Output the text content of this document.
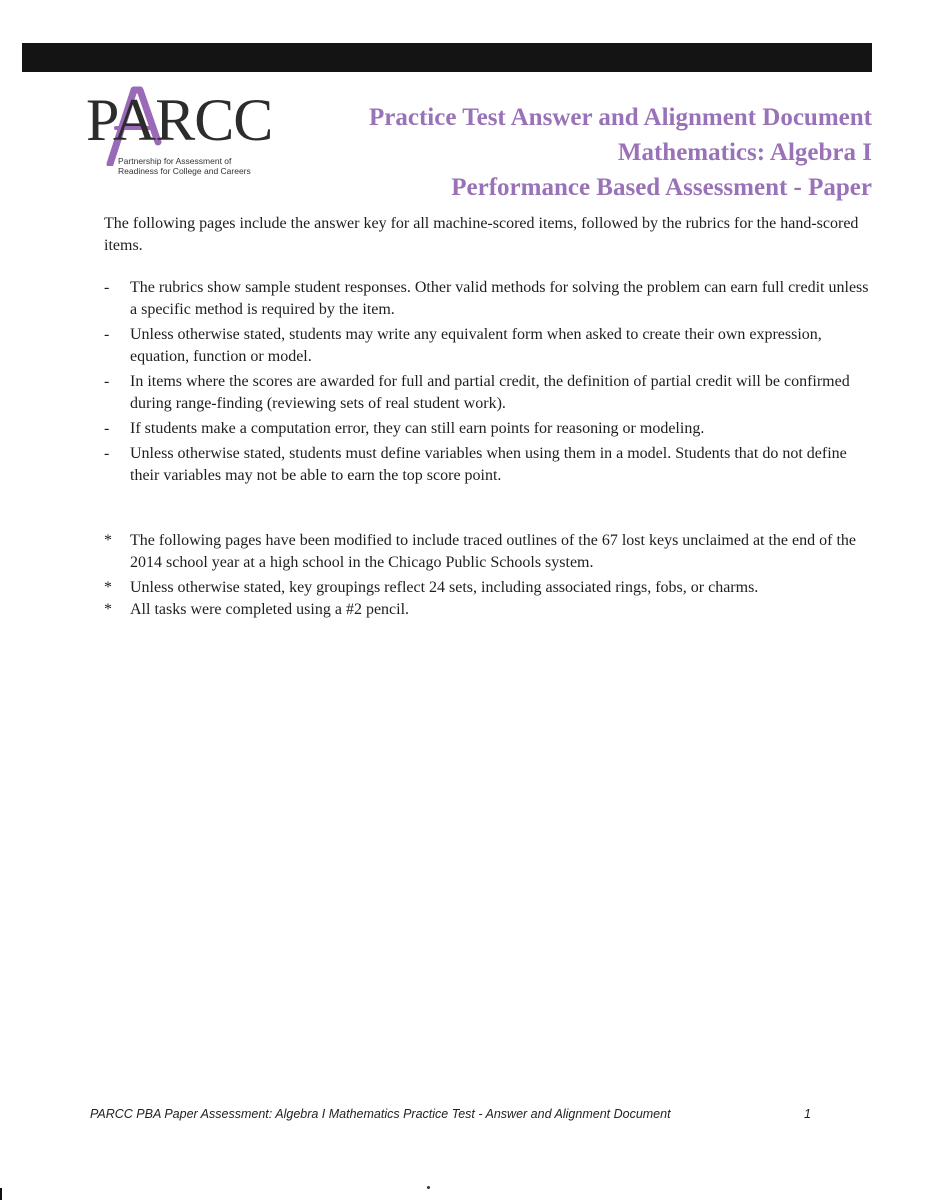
PARCC
Partnership for Assessment of
Readiness for College and Careers
Practice Test Answer and Alignment Document
Mathematics: Algebra I
Performance Based Assessment - Paper
The following pages include the answer key for all machine-scored items, followed by the rubrics for the hand-scored items.
-	The rubrics show sample student responses. Other valid methods for solving the problem can earn full credit unless a specific method is required by the item.
-	Unless otherwise stated, students may write any equivalent form when asked to create their own expression, equation, function or model.
-	In items where the scores are awarded for full and partial credit, the definition of partial credit will be confirmed during range-finding (reviewing sets of real student work).
-	If students make a computation error, they can still earn points for reasoning or modeling.
-	Unless otherwise stated, students must define variables when using them in a model. Students that do not define their variables may not be able to earn the top score point.
*	The following pages have been modified to include traced outlines of the 67 lost keys unclaimed at the end of the 2014 school year at a high school in the Chicago Public Schools system.
*	Unless otherwise stated, key groupings reflect 24 sets, including associated rings, fobs, or charms.
*	All tasks were completed using a #2 pencil.
PARCC PBA Paper Assessment: Algebra I Mathematics Practice Test - Answer and Alignment Document	1
